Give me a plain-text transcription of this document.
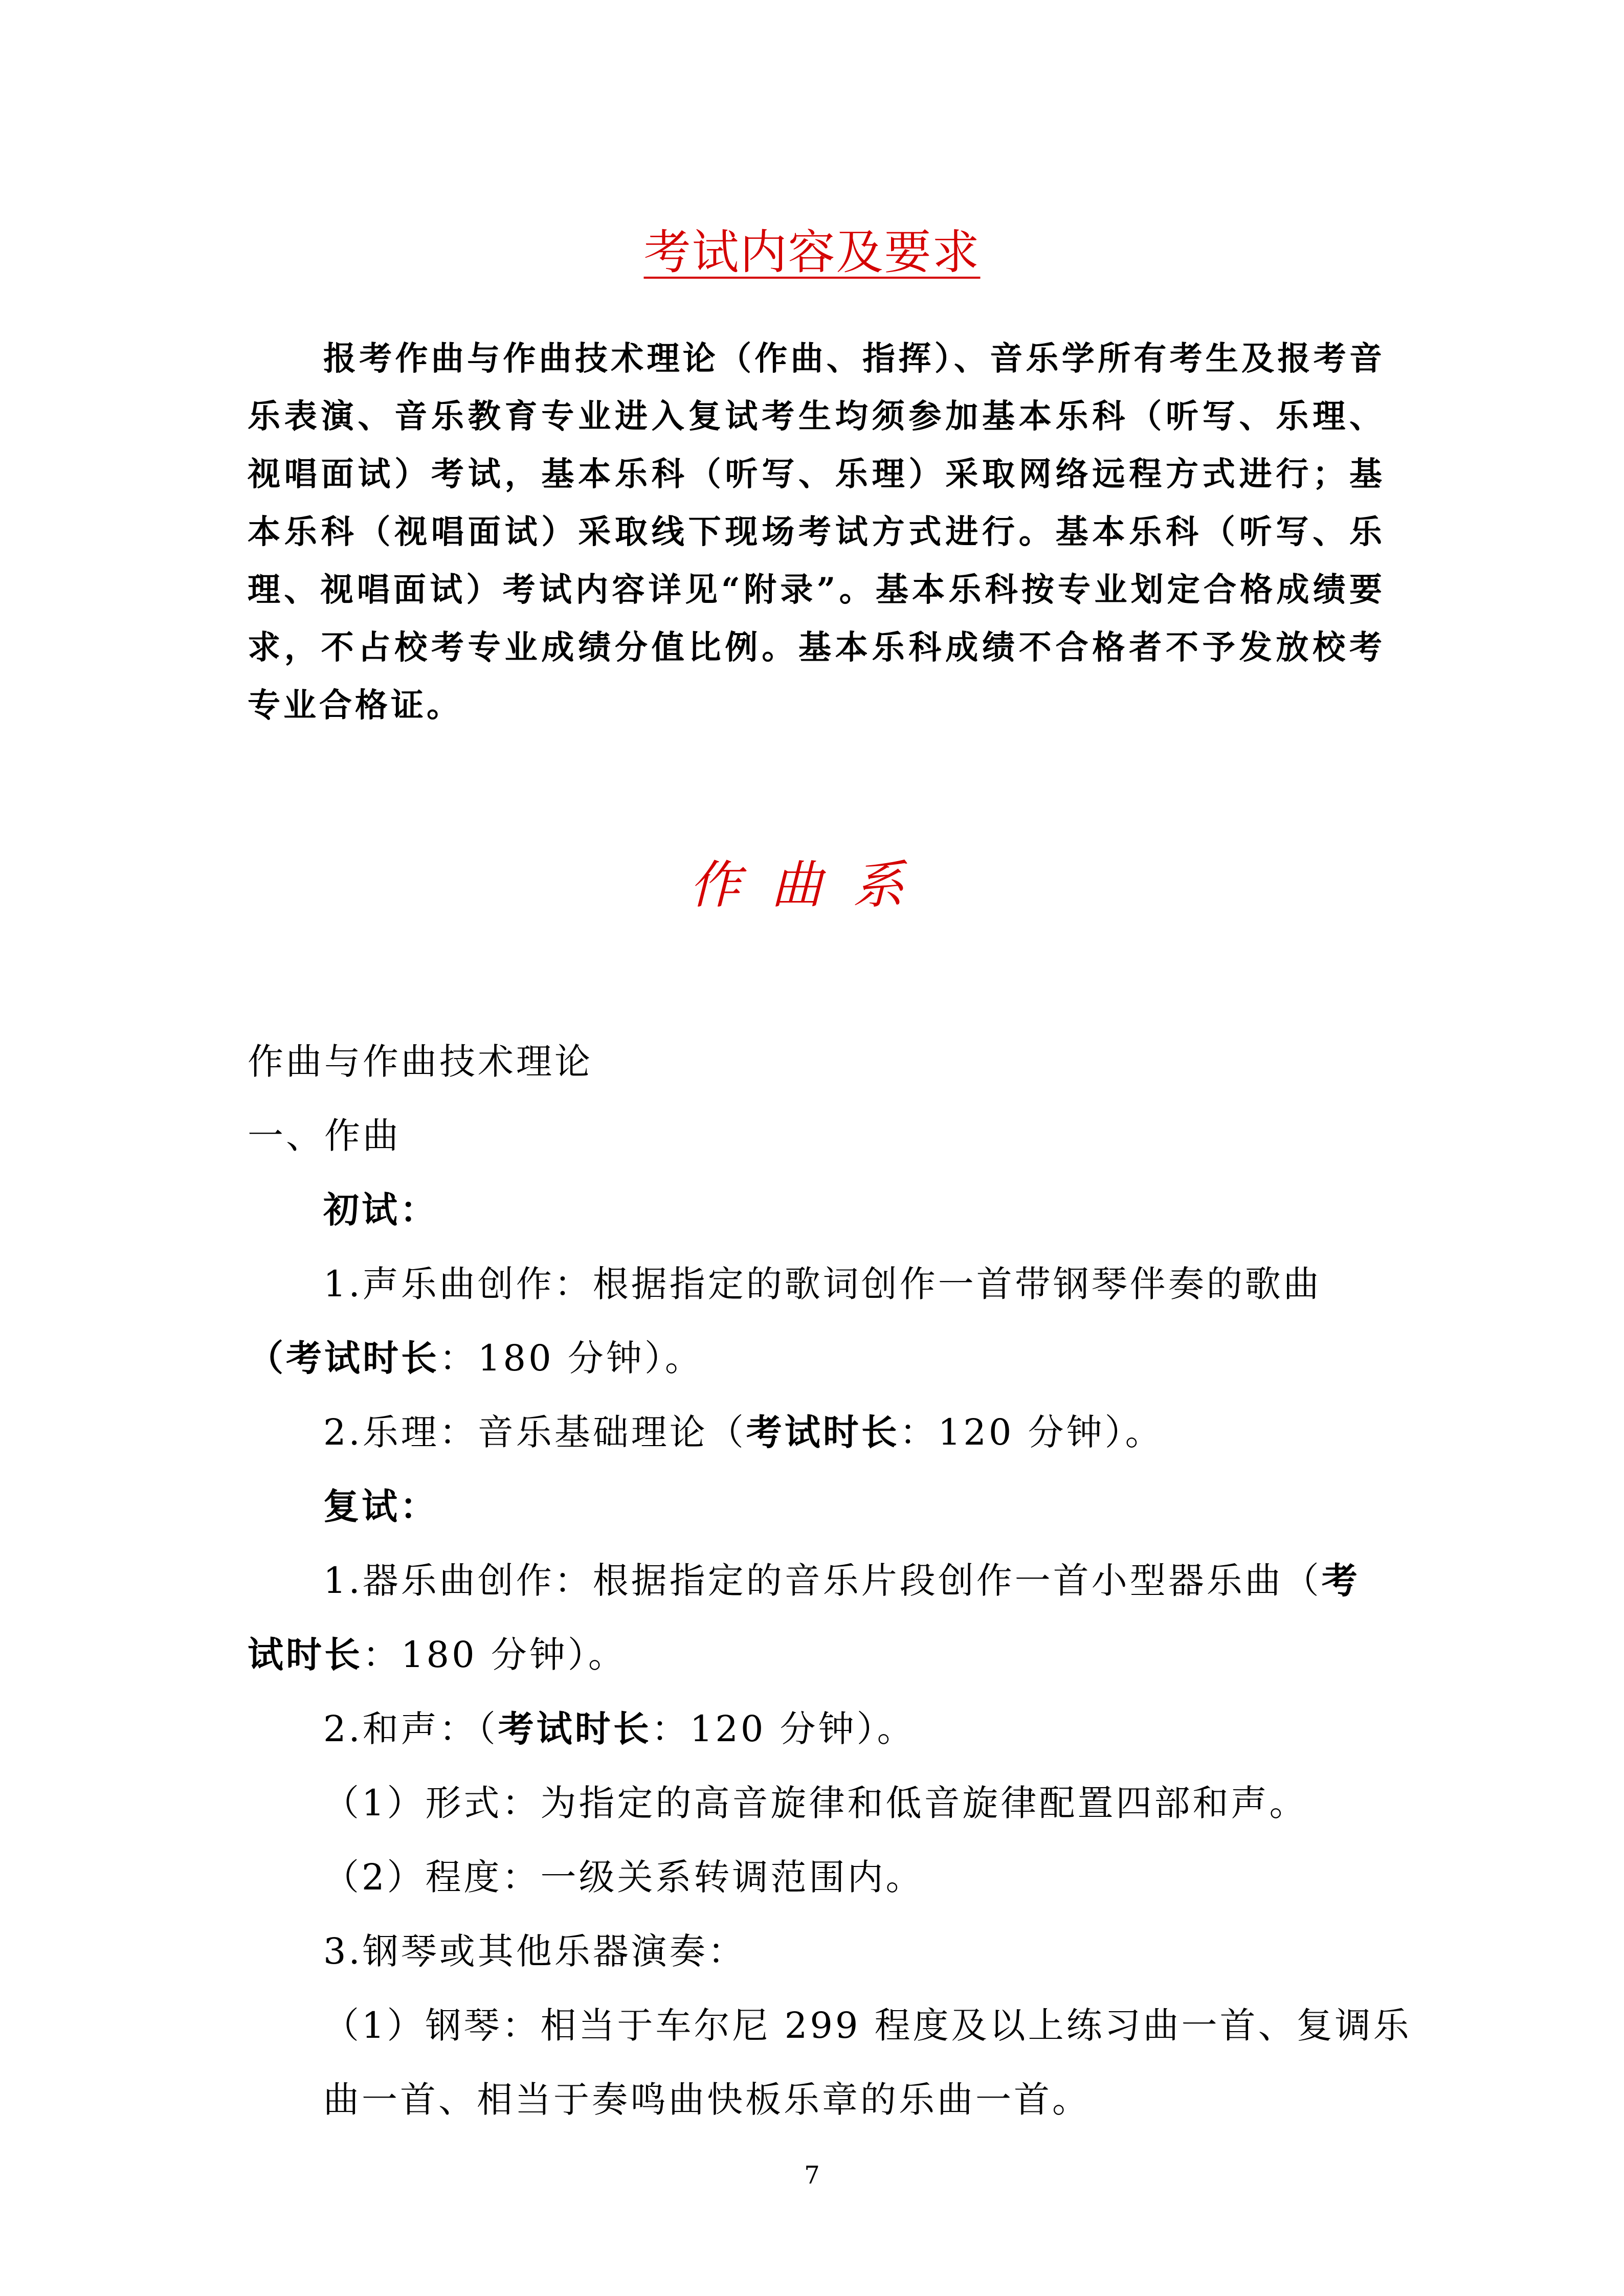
考试内容及要求

报考作曲与作曲技术理论（作曲、指挥）、音乐学所有考生及报考音乐表演、音乐教育专业进入复试考生均须参加基本乐科（听写、乐理、视唱面试）考试，基本乐科（听写、乐理）采取网络远程方式进行；基本乐科（视唱面试）采取线下现场考试方式进行。基本乐科（听写、乐理、视唱面试）考试内容详见“附录”。基本乐科按专业划定合格成绩要求，不占校考专业成绩分值比例。基本乐科成绩不合格者不予发放校考专业合格证。

作曲系
作曲与作曲技术理论
一、作曲
初试：
1.声乐曲创作：根据指定的歌词创作一首带钢琴伴奏的歌曲
（考试时长：180 分钟）。
2.乐理：音乐基础理论（考试时长：120 分钟）。
复试：
1.器乐曲创作：根据指定的音乐片段创作一首小型器乐曲（考
试时长：180 分钟）。
2.和声：（考试时长：120 分钟）。
（1）形式：为指定的高音旋律和低音旋律配置四部和声。
（2）程度：一级关系转调范围内。
3.钢琴或其他乐器演奏：
（1）钢琴：相当于车尔尼 299 程度及以上练习曲一首、复调乐
曲一首、相当于奏鸣曲快板乐章的乐曲一首。
7
